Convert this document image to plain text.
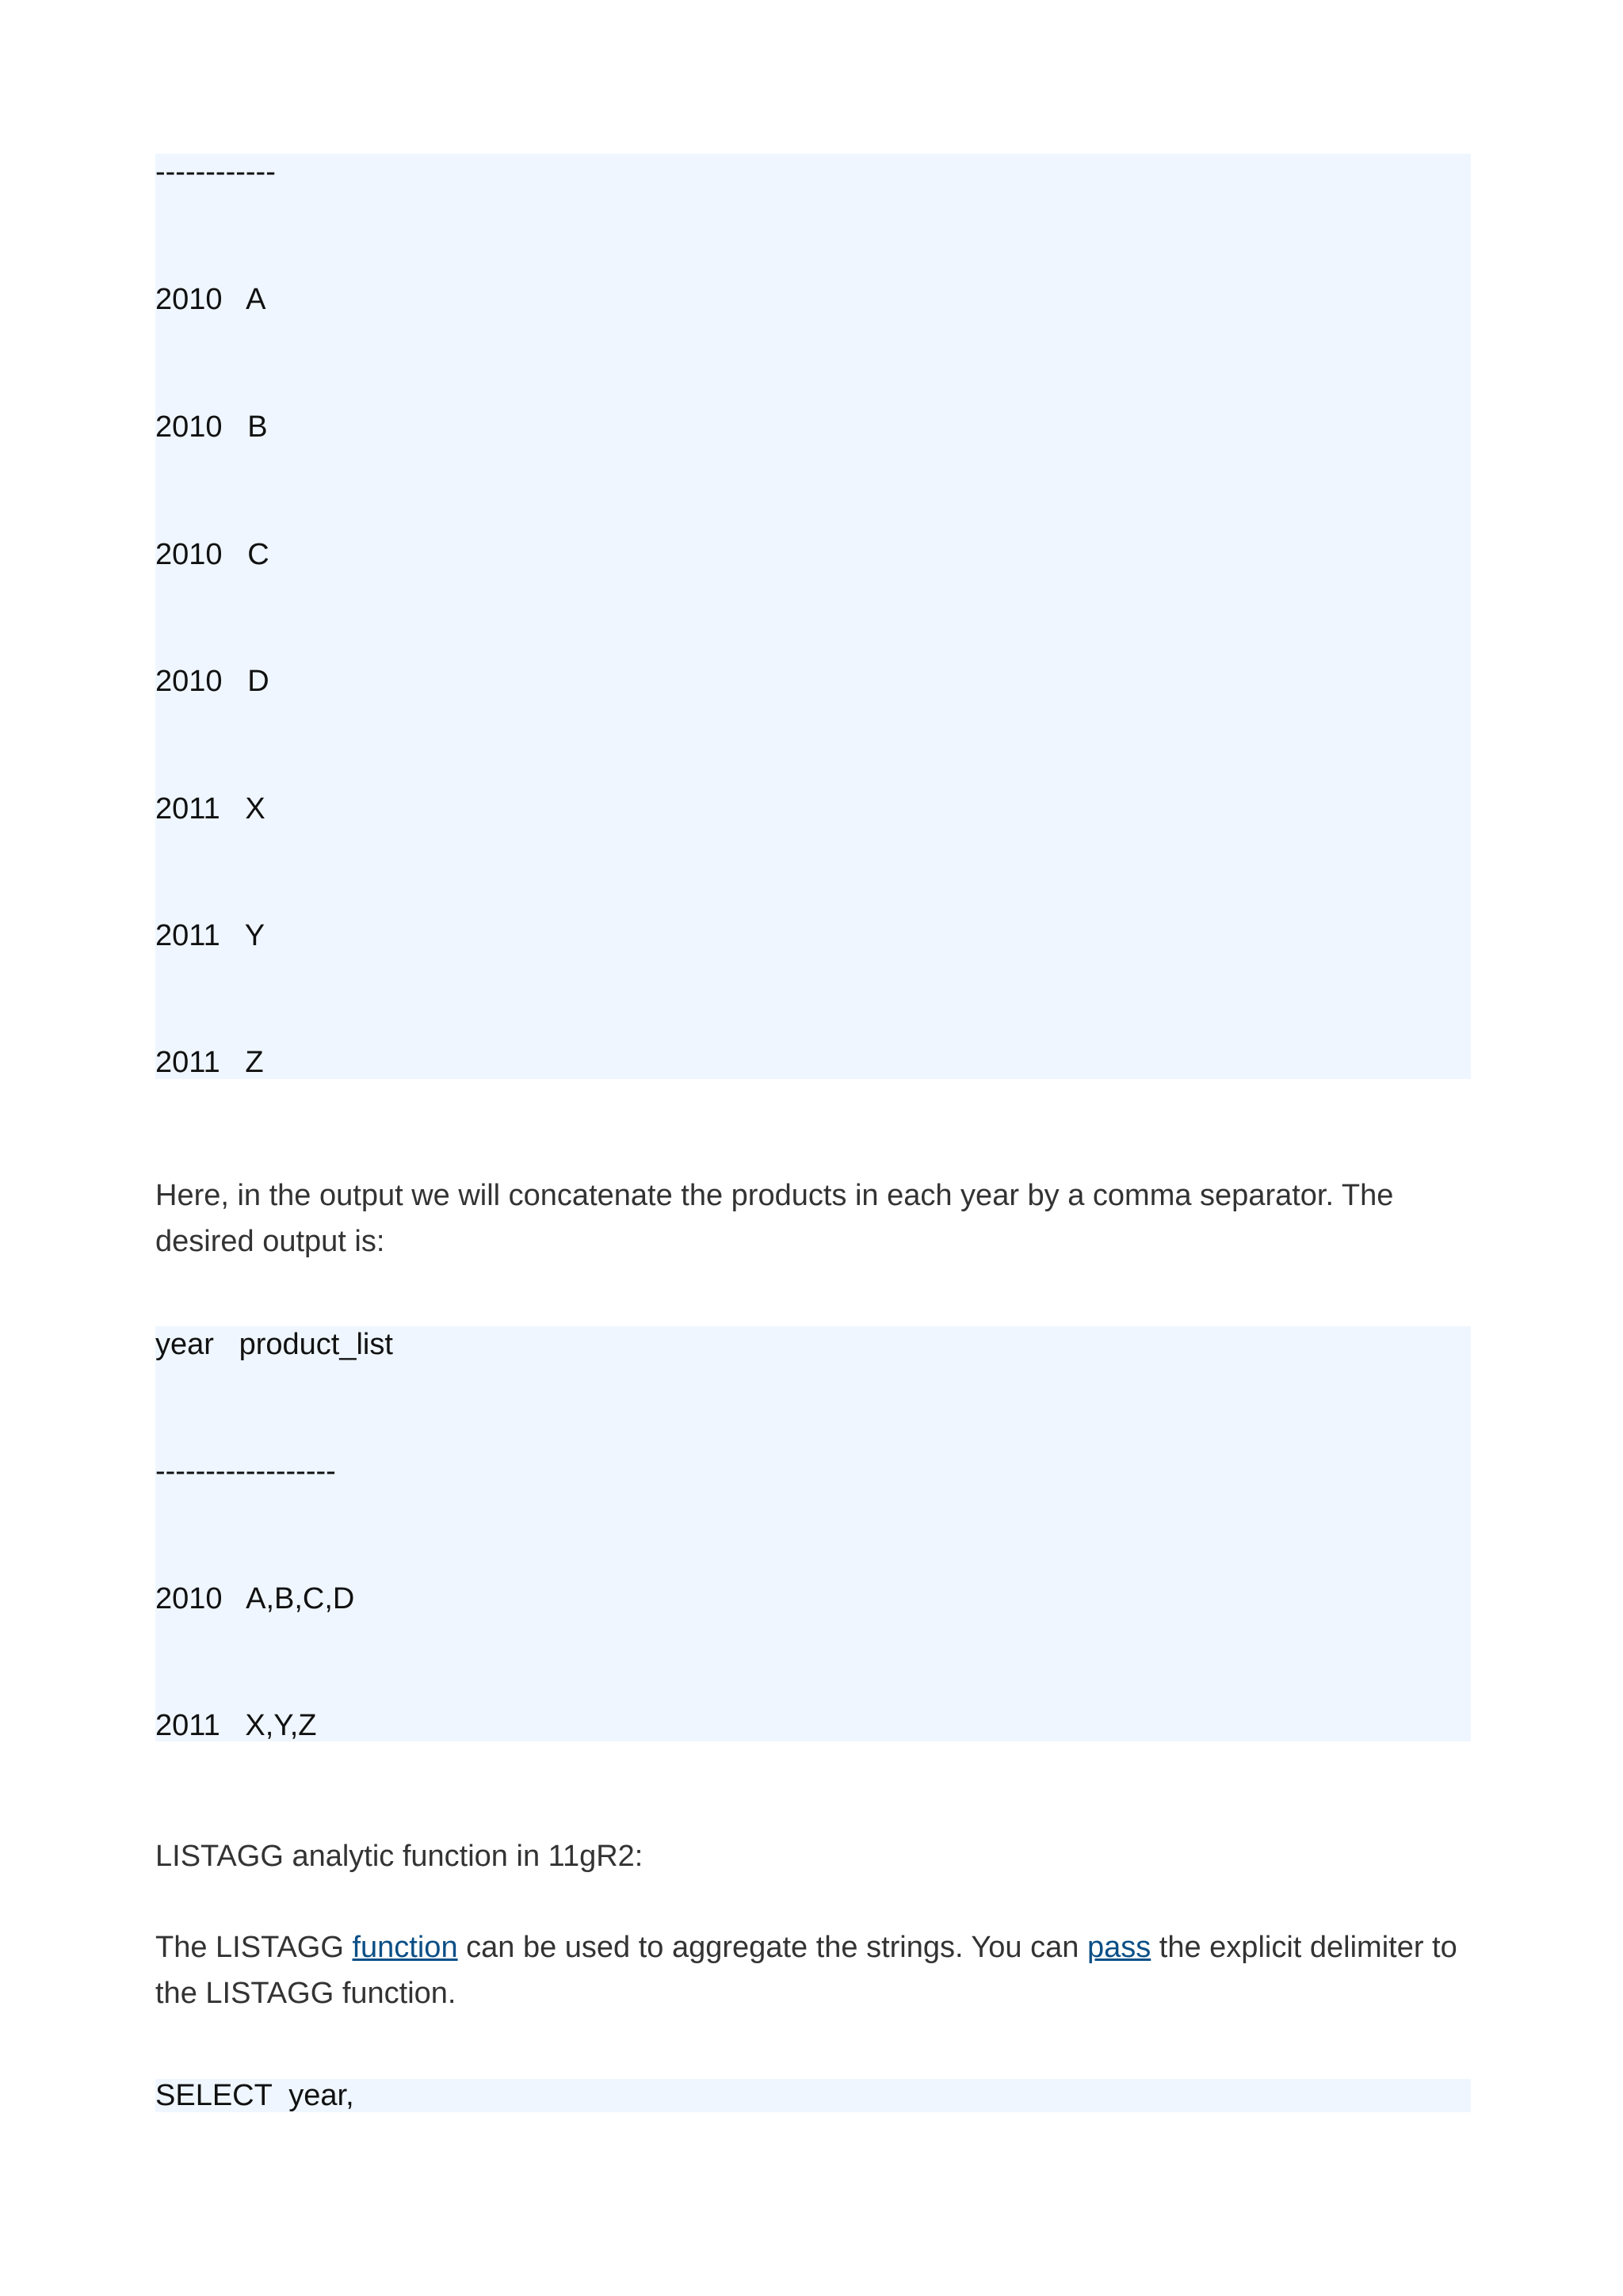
------------
2010   A
2010   B
2010   C
2010   D
2011   X
2011   Y
2011   Z

Here, in the output we will concatenate the products in each year by a comma separator. The desired output is:

year   product_list
------------------
2010   A,B,C,D
2011   X,Y,Z

LISTAGG analytic function in 11gR2:

The LISTAGG function can be used to aggregate the strings. You can pass the explicit delimiter to the LISTAGG function.

SELECT  year,
